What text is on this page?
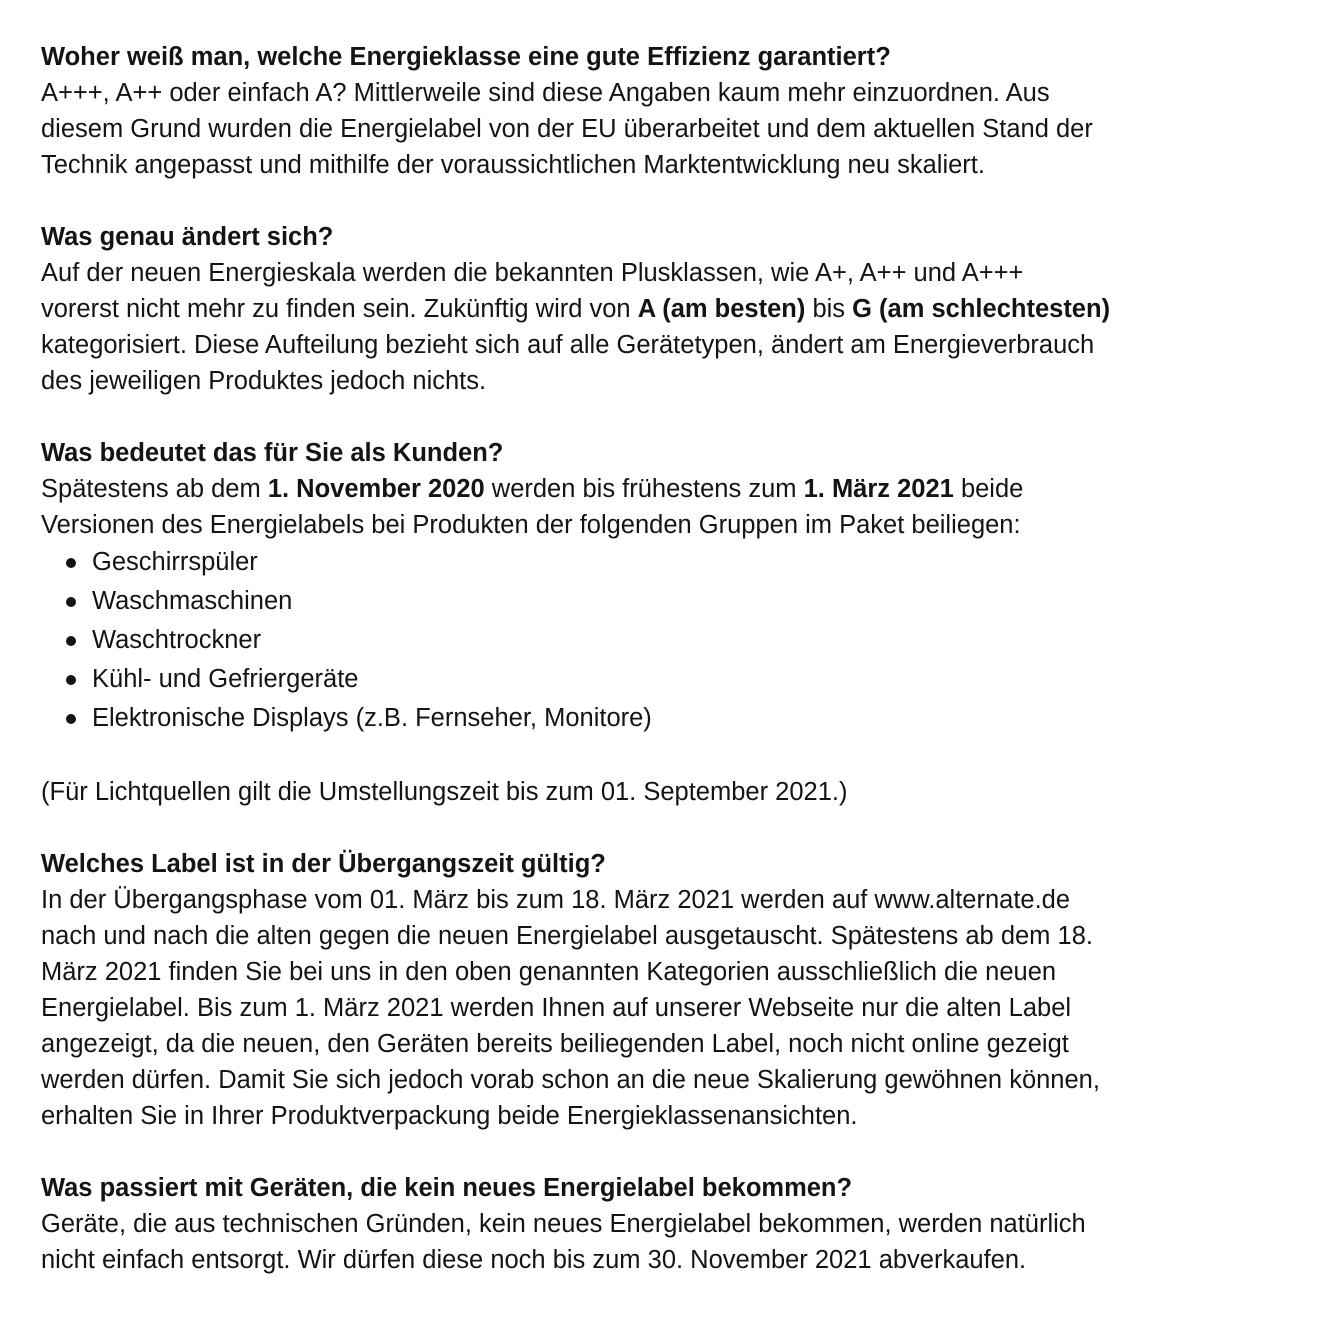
Woher weiß man, welche Energieklasse eine gute Effizienz garantiert?

A+++, A++ oder einfach A? Mittlerweile sind diese Angaben kaum mehr einzuordnen. Aus
diesem Grund wurden die Energielabel von der EU überarbeitet und dem aktuellen Stand der
Technik angepasst und mithilfe der voraussichtlichen Marktentwicklung neu skaliert.

Was genau ändert sich?

Auf der neuen Energieskala werden die bekannten Plusklassen, wie A+, A++ und A+++
vorerst nicht mehr zu finden sein. Zukünftig wird von A (am besten) bis G (am schlechtesten)
kategorisiert. Diese Aufteilung bezieht sich auf alle Gerätetypen, ändert am Energieverbrauch
des jeweiligen Produktes jedoch nichts.

Was bedeutet das für Sie als Kunden?

Spätestens ab dem 1. November 2020 werden bis frühestens zum 1. März 2021 beide
Versionen des Energielabels bei Produkten der folgenden Gruppen im Paket beiliegen:

Geschirrspüler
Waschmaschinen
Waschtrockner
Kühl- und Gefriergeräte
Elektronische Displays (z.B. Fernseher, Monitore)

(Für Lichtquellen gilt die Umstellungszeit bis zum 01. September 2021.)

Welches Label ist in der Übergangszeit gültig?

In der Übergangsphase vom 01. März bis zum 18. März 2021 werden auf www.alternate.de
nach und nach die alten gegen die neuen Energielabel ausgetauscht. Spätestens ab dem 18.
März 2021 finden Sie bei uns in den oben genannten Kategorien ausschließlich die neuen
Energielabel. Bis zum 1. März 2021 werden Ihnen auf unserer Webseite nur die alten Label
angezeigt, da die neuen, den Geräten bereits beiliegenden Label, noch nicht online gezeigt
werden dürfen. Damit Sie sich jedoch vorab schon an die neue Skalierung gewöhnen können,
erhalten Sie in Ihrer Produktverpackung beide Energieklassenansichten.

Was passiert mit Geräten, die kein neues Energielabel bekommen?

Geräte, die aus technischen Gründen, kein neues Energielabel bekommen, werden natürlich
nicht einfach entsorgt. Wir dürfen diese noch bis zum 30. November 2021 abverkaufen.
